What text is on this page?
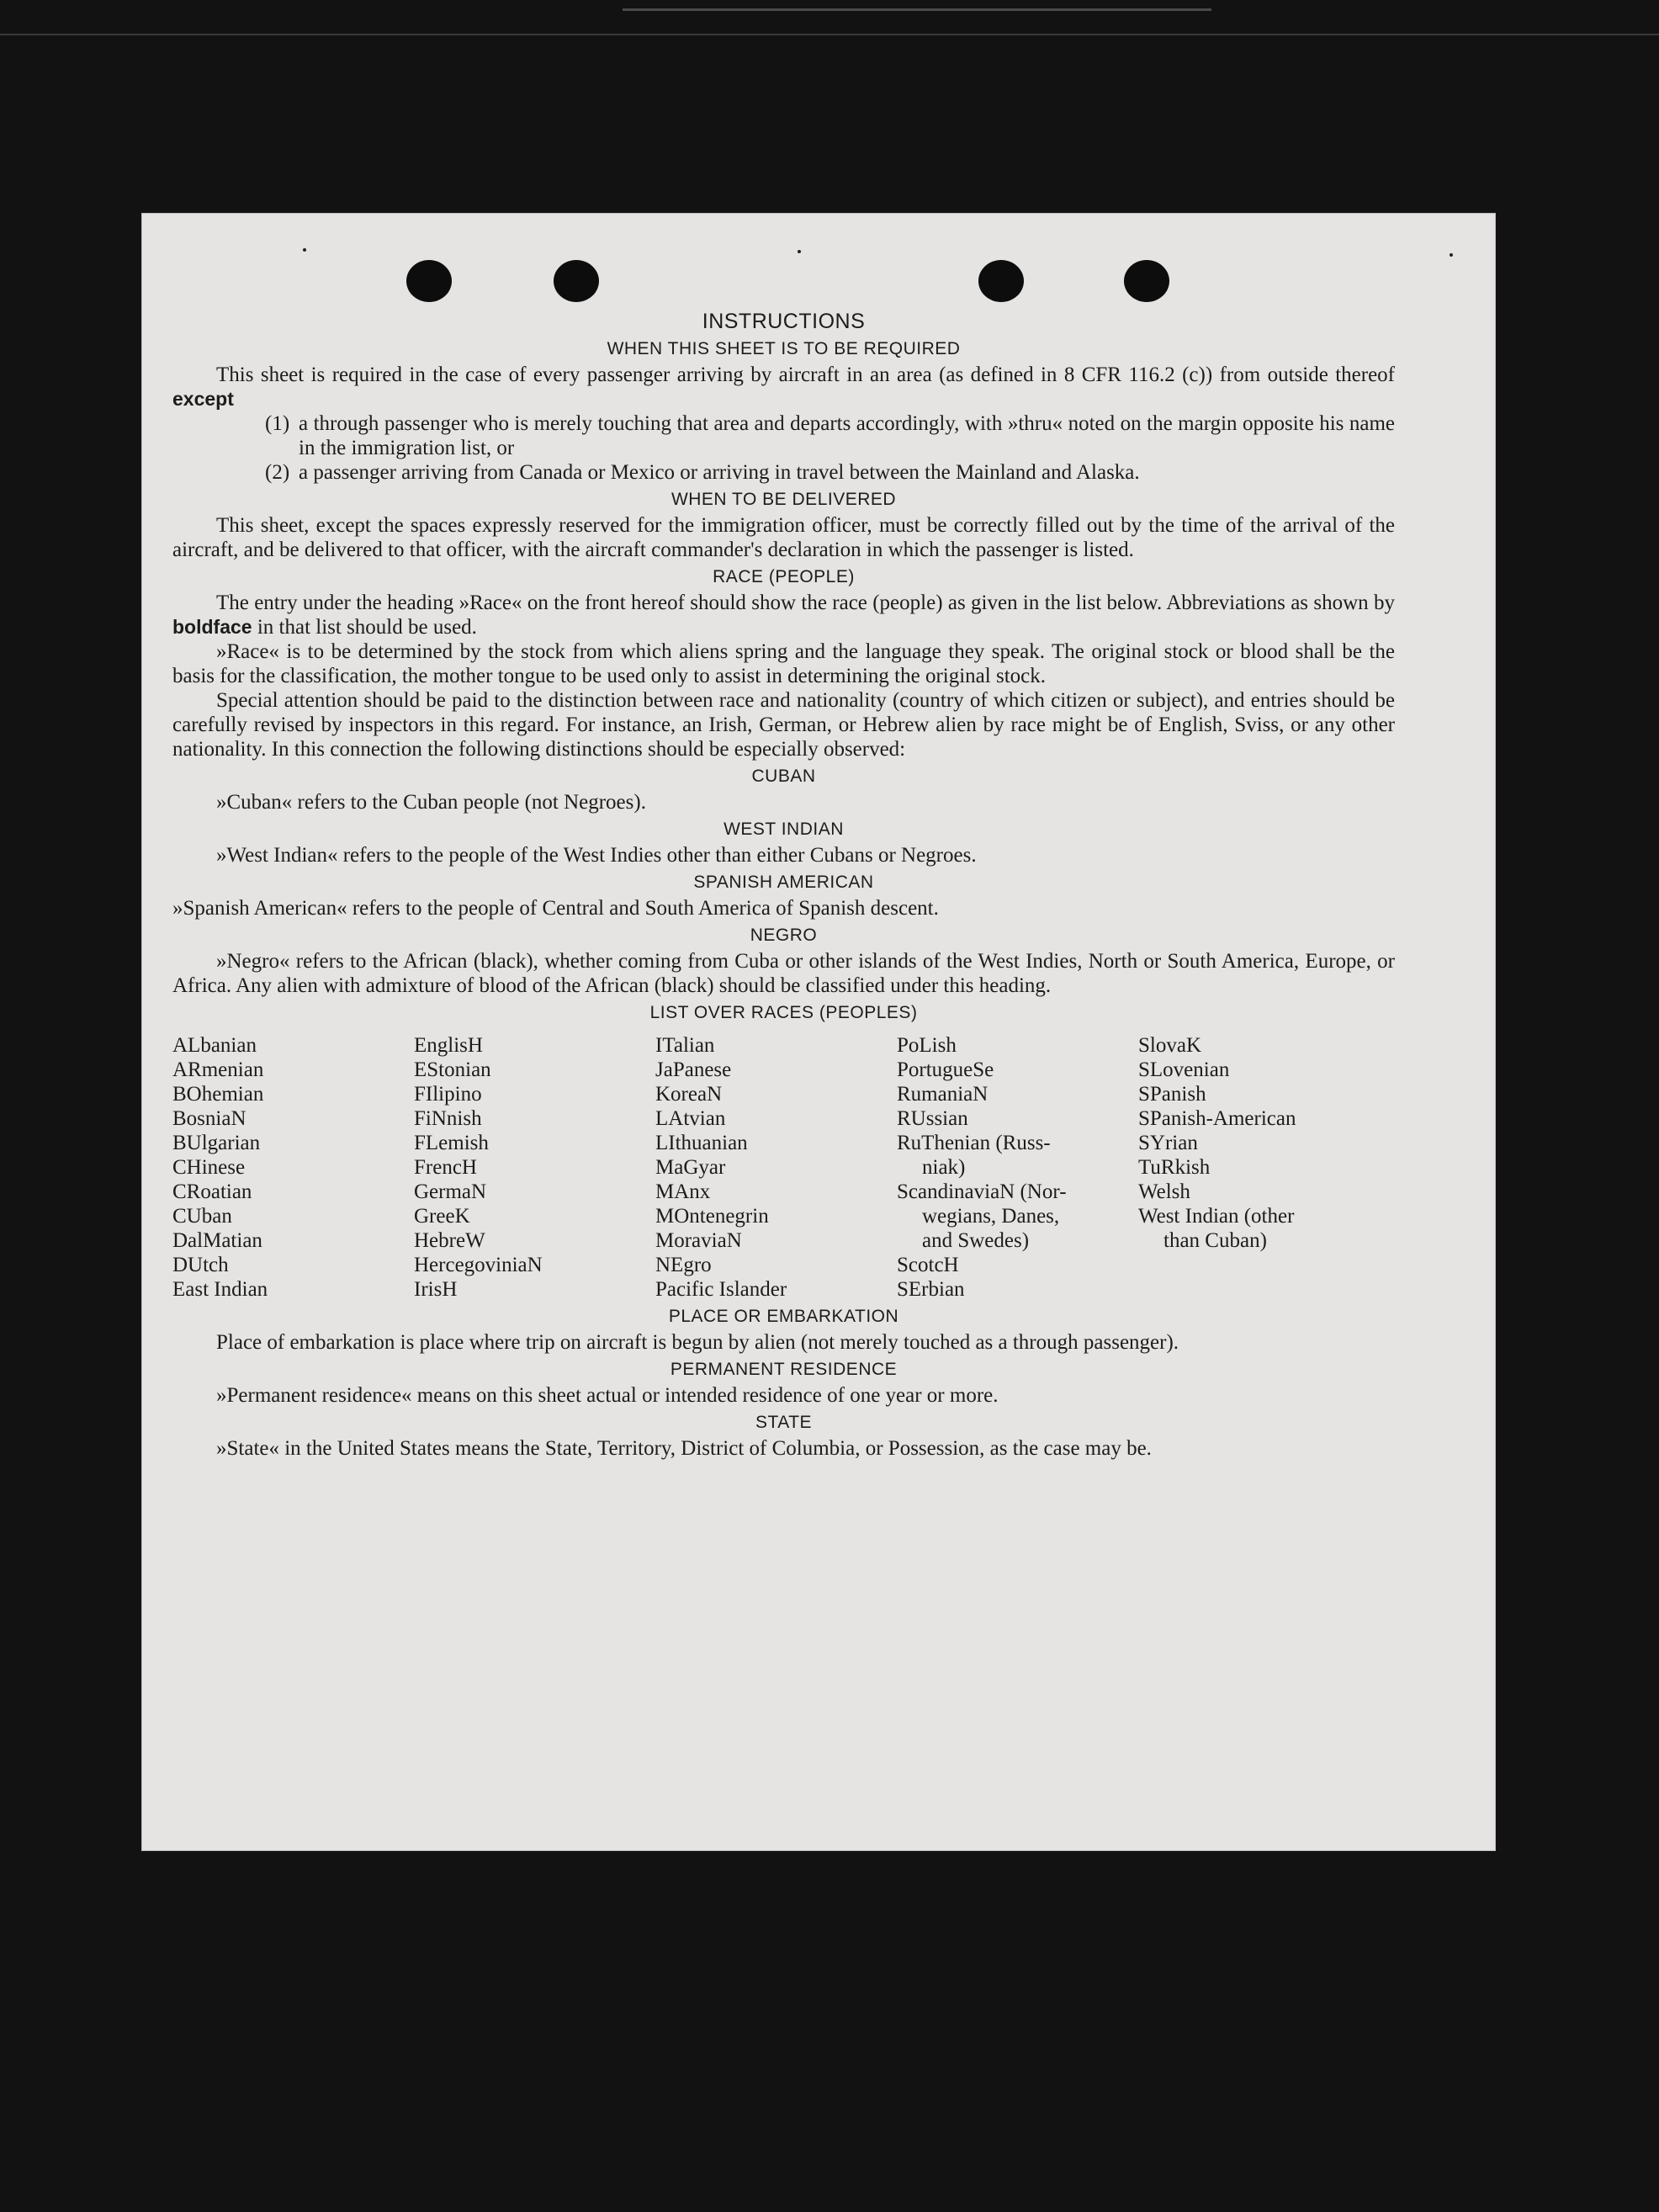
INSTRUCTIONS
WHEN THIS SHEET IS TO BE REQUIRED

This sheet is required in the case of every passenger arriving by aircraft in an area (as defined in 8 CFR 116.2 (c)) from outside thereof except

(1) a through passenger who is merely touching that area and departs accordingly, with »thru« noted on the margin opposite his name in the immigration list, or
(2) a passenger arriving from Canada or Mexico or arriving in travel between the Mainland and Alaska.
WHEN TO BE DELIVERED

This sheet, except the spaces expressly reserved for the immigration officer, must be correctly filled out by the time of the arrival of the aircraft, and be delivered to that officer, with the aircraft commander's declaration in which the passenger is listed.

RACE (PEOPLE)

The entry under the heading »Race« on the front hereof should show the race (people) as given in the list below. Abbreviations as shown by boldface in that list should be used.

»Race« is to be determined by the stock from which aliens spring and the language they speak. The original stock or blood shall be the basis for the classification, the mother tongue to be used only to assist in determining the original stock.

Special attention should be paid to the distinction between race and nationality (country of which citizen or subject), and entries should be carefully revised by inspectors in this regard. For instance, an Irish, German, or Hebrew alien by race might be of English, Sviss, or any other nationality. In this connection the following distinctions should be especially observed:

CUBAN

»Cuban« refers to the Cuban people (not Negroes).

WEST INDIAN

»West Indian« refers to the people of the West Indies other than either Cubans or Negroes.

SPANISH AMERICAN

»Spanish American« refers to the people of Central and South America of Spanish descent.

NEGRO

»Negro« refers to the African (black), whether coming from Cuba or other islands of the West Indies, North or South America, Europe, or Africa. Any alien with admixture of blood of the African (black) should be classified under this heading.

LIST OVER RACES (PEOPLES)
ALbanian
ARmenian
BOhemian
BosniaN
BUlgarian
CHinese
CRoatian
CUban
DalMatian
DUtch
East Indian
EnglisH
EStonian
FIlipino
FiNnish
FLemish
FrencH
GermaN
GreeK
HebreW
HercegoviniaN
IrisH
ITalian
JaPanese
KoreaN
LAtvian
LIthuanian
MaGyar
MAnx
MOntenegrin
MoraviaN
NEgro
Pacific Islander
PoLish
PortugueSe
RumaniaN
RUssian
RuThenian (Russ-
niak)
ScandinaviaN (Nor-
wegians, Danes,
and Swedes)
ScotcH
SErbian
SlovaK
SLovenian
SPanish
SPanish-American
SYrian
TuRkish
Welsh
West Indian (other
than Cuban)
PLACE OR EMBARKATION

Place of embarkation is place where trip on aircraft is begun by alien (not merely touched as a through passenger).

PERMANENT RESIDENCE

»Permanent residence« means on this sheet actual or intended residence of one year or more.

STATE

»State« in the United States means the State, Territory, District of Columbia, or Possession, as the case may be.
